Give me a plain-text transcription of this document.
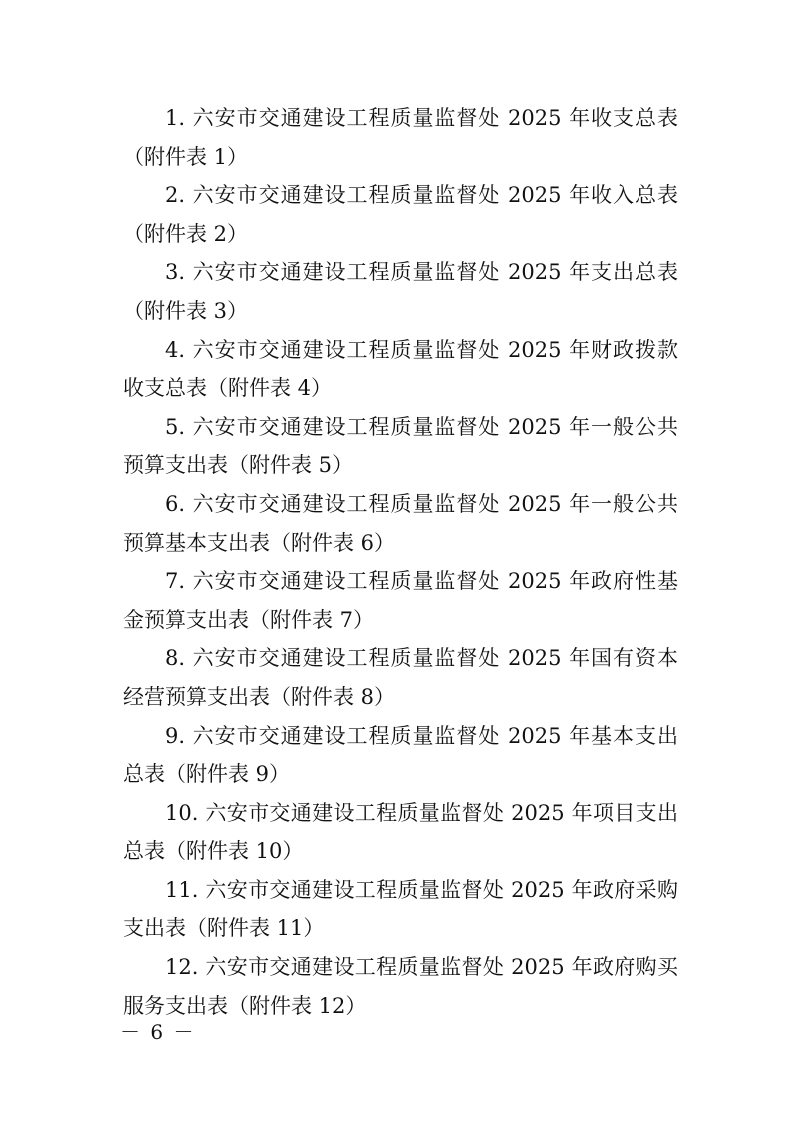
1. 六安市交通建设工程质量监督处 2025 年收支总表（附件表 1）

2. 六安市交通建设工程质量监督处 2025 年收入总表（附件表 2）

3. 六安市交通建设工程质量监督处 2025 年支出总表（附件表 3）

4. 六安市交通建设工程质量监督处 2025 年财政拨款收支总表（附件表 4）

5. 六安市交通建设工程质量监督处 2025 年一般公共预算支出表（附件表 5）

6. 六安市交通建设工程质量监督处 2025 年一般公共预算基本支出表（附件表 6）

7. 六安市交通建设工程质量监督处 2025 年政府性基金预算支出表（附件表 7）

8. 六安市交通建设工程质量监督处 2025 年国有资本经营预算支出表（附件表 8）

9. 六安市交通建设工程质量监督处 2025 年基本支出总表（附件表 9）

10. 六安市交通建设工程质量监督处 2025 年项目支出总表（附件表 10）

11. 六安市交通建设工程质量监督处 2025 年政府采购支出表（附件表 11）

12. 六安市交通建设工程质量监督处 2025 年政府购买服务支出表（附件表 12）

－ 6 －
